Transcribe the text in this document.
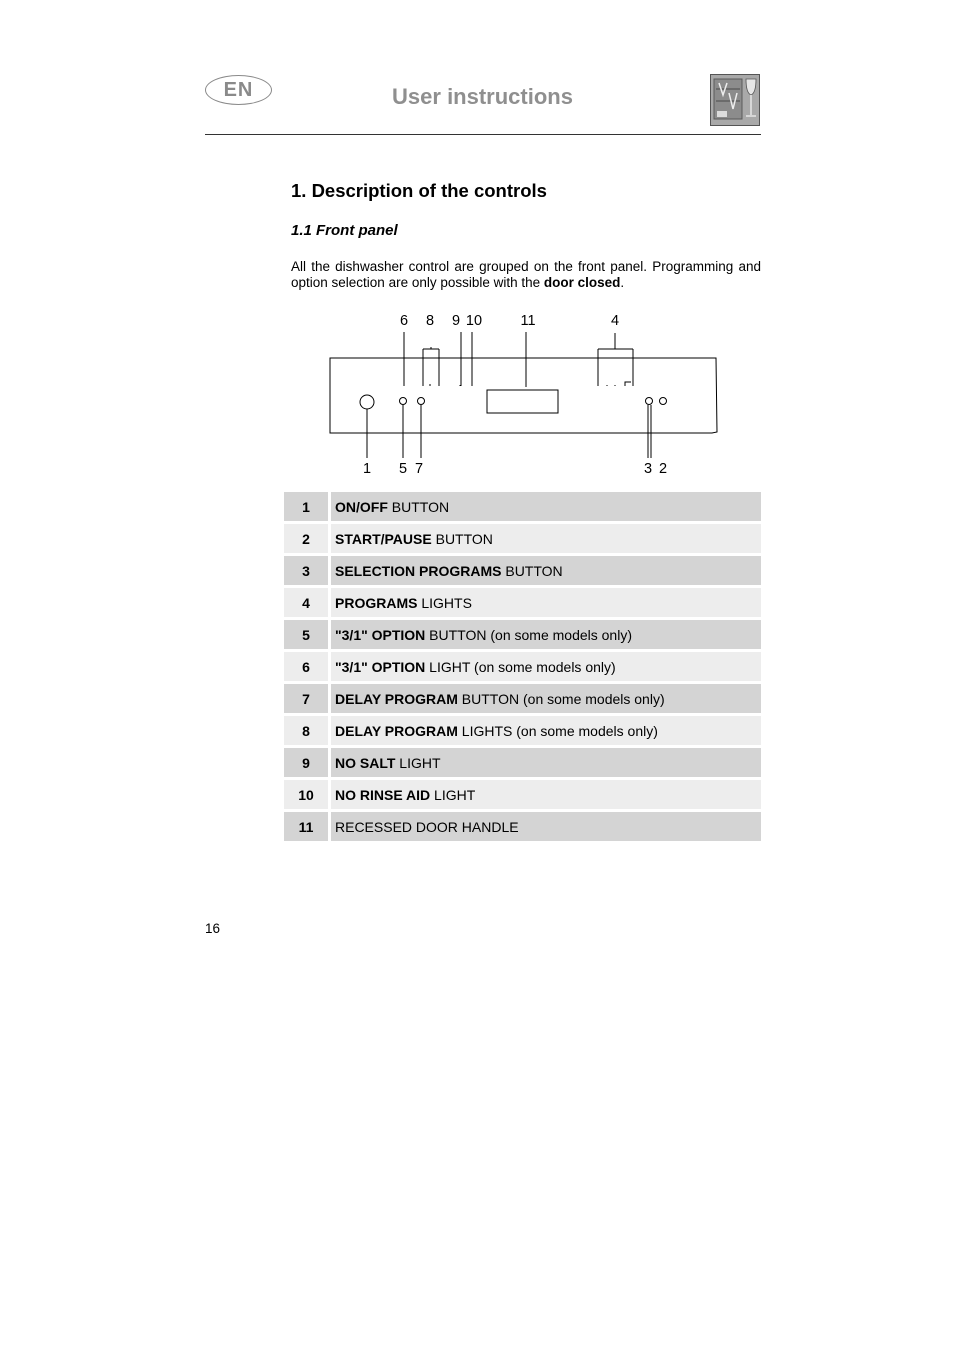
EN	User instructions
1. Description of the controls
1.1 Front panel
All the dishwasher control are grouped on the front panel. Programming and option selection are only possible with the door closed.
6 8 9 10	11	4
1 5 7	3 2
1	ON/OFF BUTTON
2	START/PAUSE BUTTON
3	SELECTION PROGRAMS BUTTON
4	PROGRAMS LIGHTS
5	"3/1" OPTION BUTTON (on some models only)
6	"3/1" OPTION LIGHT (on some models only)
7	DELAY PROGRAM BUTTON (on some models only)
8	DELAY PROGRAM LIGHTS (on some models only)
9	NO SALT LIGHT
10	NO RINSE AID LIGHT
11	RECESSED DOOR HANDLE
16
